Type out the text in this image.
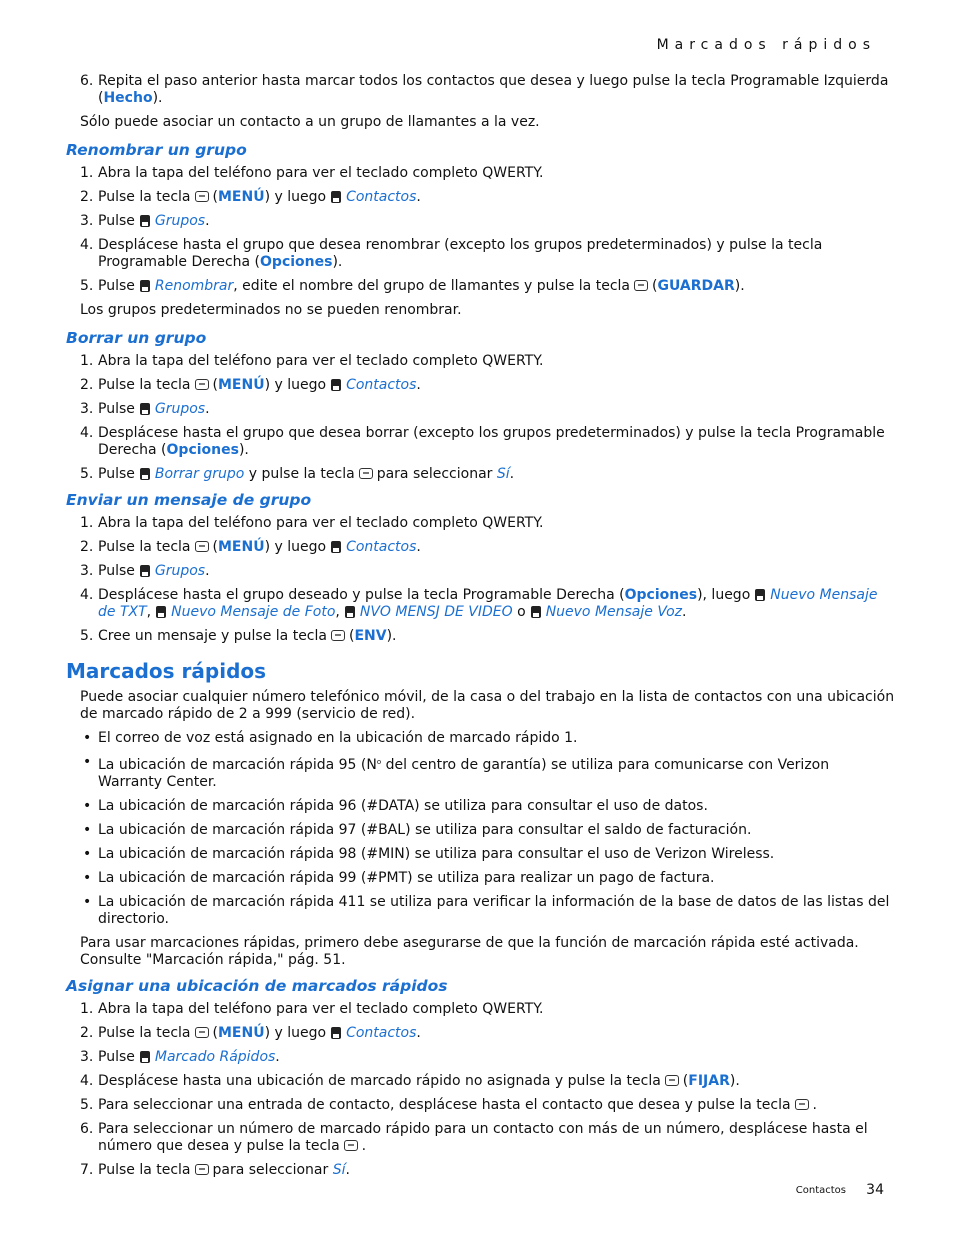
Marcados rápidos
6. Repita el paso anterior hasta marcar todos los contactos que desea y luego pulse la tecla Programable Izquierda (Hecho).

Sólo puede asociar un contacto a un grupo de llamantes a la vez.

Renombrar un grupo
1. Abra la tapa del teléfono para ver el teclado completo QWERTY.
2. Pulse la tecla (MENÚ) y luego Contactos.
3. Pulse Grupos.
4. Desplácese hasta el grupo que desea renombrar (excepto los grupos predeterminados) y pulse la tecla Programable Derecha (Opciones).
5. Pulse Renombrar, edite el nombre del grupo de llamantes y pulse la tecla (GUARDAR).

Los grupos predeterminados no se pueden renombrar.

Borrar un grupo
1. Abra la tapa del teléfono para ver el teclado completo QWERTY.
2. Pulse la tecla (MENÚ) y luego Contactos.
3. Pulse Grupos.
4. Desplácese hasta el grupo que desea borrar (excepto los grupos predeterminados) y pulse la tecla Programable Derecha (Opciones).
5. Pulse Borrar grupo y pulse la tecla para seleccionar Sí.
Enviar un mensaje de grupo
1. Abra la tapa del teléfono para ver el teclado completo QWERTY.
2. Pulse la tecla (MENÚ) y luego Contactos.
3. Pulse Grupos.
4. Desplácese hasta el grupo deseado y pulse la tecla Programable Derecha (Opciones), luego Nuevo Mensaje de TXT, Nuevo Mensaje de Foto, NVO MENSJ DE VIDEO o Nuevo Mensaje Voz.
5. Cree un mensaje y pulse la tecla (ENV).
Marcados rápidos

Puede asociar cualquier número telefónico móvil, de la casa o del trabajo en la lista de contactos con una ubicación de marcado rápido de 2 a 999 (servicio de red).

• El correo de voz está asignado en la ubicación de marcado rápido 1.
• La ubicación de marcación rápida 95 ($N^o$ del centro de garantía) se utiliza para comunicarse con Verizon Warranty Center.
• La ubicación de marcación rápida 96 (#DATA) se utiliza para consultar el uso de datos.
• La ubicación de marcación rápida 97 (#BAL) se utiliza para consultar el saldo de facturación.
• La ubicación de marcación rápida 98 (#MIN) se utiliza para consultar el uso de Verizon Wireless.
• La ubicación de marcación rápida 99 (#PMT) se utiliza para realizar un pago de factura.
• La ubicación de marcación rápida 411 se utiliza para verificar la información de la base de datos de las listas del directorio.

Para usar marcaciones rápidas, primero debe asegurarse de que la función de marcación rápida esté activada. Consulte "Marcación rápida," pág. 51.

Asignar una ubicación de marcados rápidos
1. Abra la tapa del teléfono para ver el teclado completo QWERTY.
2. Pulse la tecla (MENÚ) y luego Contactos.
3. Pulse Marcado Rápidos.
4. Desplácese hasta una ubicación de marcado rápido no asignada y pulse la tecla (FIJAR).
5. Para seleccionar una entrada de contacto, desplácese hasta el contacto que desea y pulse la tecla .
6. Para seleccionar un número de marcado rápido para un contacto con más de un número, desplácese hasta el número que desea y pulse la tecla .
7. Pulse la tecla para seleccionar Sí.
Contactos 34
